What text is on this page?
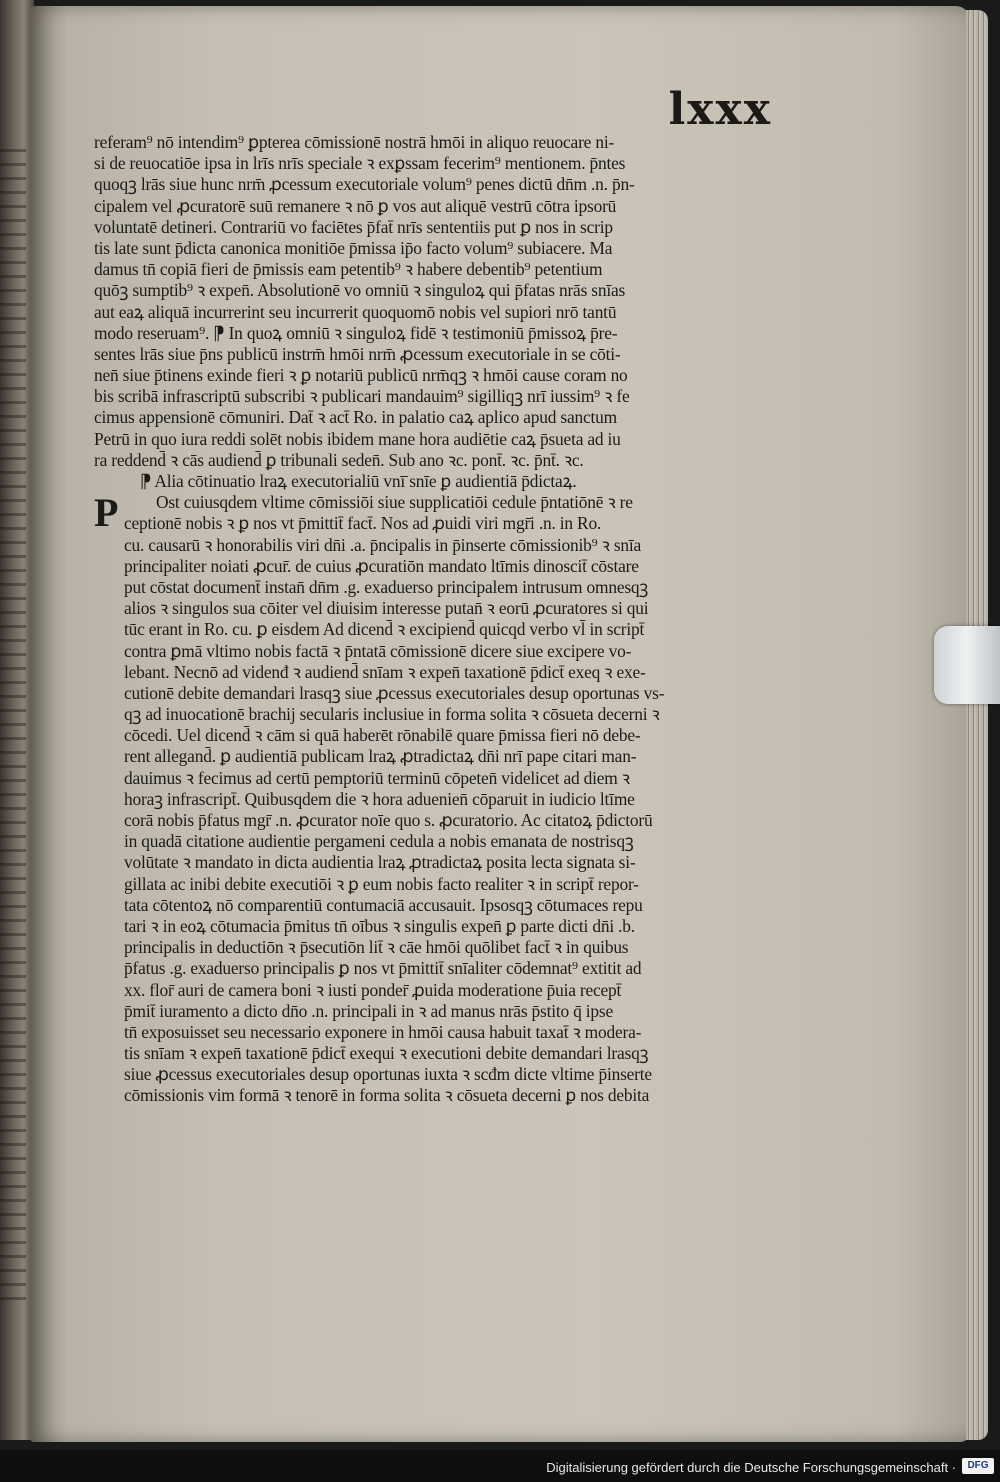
lxxx
referam⁹ nō intendim⁹ ꝑpterea cōmissionē nostrā hmōi in aliquo reuocare ni-
si de reuocatiōe ipsa in lrīs nrīs speciale ꝛ exꝑssam fecerim⁹ mentionem. p̄ntes
quoqꝫ lrās siue hunc nrm̄ ꝓcessum executoriale volum⁹ penes dictū dn̄m .n. p̄n-
cipalem vel ꝓcuratorē suū remanere ꝛ nō ꝑ vos aut aliquē vestrū cōtra ipsorū
voluntatē detineri. Contrariū vo faciētes p̄fat̄ nrīs sententiis put ꝑ nos in scrip
tis late sunt p̄dicta canonica monitiōe p̄missa ip̄o facto volum⁹ subiacere. Ma
damus tn̄ copiā fieri de p̄missis eam petentib⁹ ꝛ habere debentib⁹ petentium
quōꝫ sumptib⁹ ꝛ expen̄. Absolutionē vo omniū ꝛ singuloꝝ qui p̄fatas nrās snīas
aut eaꝝ aliquā incurrerint seu incurrerit quoquomō nobis vel supiori nrō tantū
modo reseruam⁹. ⁋ In quoꝝ omniū ꝛ singuloꝝ fidē ꝛ testimoniū p̄missoꝝ p̄re-
sentes lrās siue p̄ns publicū instrm̄ hmōi nrm̄ ꝓcessum executoriale in se cōti-
nen̄ siue p̄tinens exinde fieri ꝛ ꝑ notariū publicū nrm̄qꝫ ꝛ hmōi cause coram no
bis scribā infrascriptū subscribi ꝛ publicari mandauim⁹ sigilliqꝫ nrī iussim⁹ ꝛ fe
cimus appensionē cōmuniri. Dat̄ ꝛ act̄ Ro. in palatio caꝝ aplico apud sanctum
Petrū in quo iura reddi solēt nobis ibidem mane hora audiētie caꝝ p̄sueta ad iu
ra reddend̄ ꝛ cās audiend̄ ꝑ tribunali seden̄. Sub ano ꝛc. pont̄. ꝛc. p̄nt̄. ꝛc.
⁋ Alia cōtinuatio lraꝝ executorialiū vnī̄ snīe ꝑ audientiā p̄dictaꝝ.
P	Ost cuiusqdem vltime cōmissiōi siue supplicatiōi cedule p̄ntatiōnē ꝛ re
ceptionē nobis ꝛ ꝑ nos vt p̄mittit̄ fact̄. Nos ad ꝓuidi viri mgr̄i .n. in Ro.
cu. causarū ꝛ honorabilis viri dn̄i .a. p̄ncipalis in p̄inserte cōmissionib⁹ ꝛ snīa
principaliter noiati ꝓcur̄. de cuius ꝓcuratiōn mandato ltīmis dinoscit̄ cōstare
put cōstat document̄ instan̄ dn̄m .g. exaduerso principalem intrusum omnesqꝫ
alios ꝛ singulos sua cōiter vel diuisim interesse putan̄ ꝛ eorū ꝓcuratores si qui
tūc erant in Ro. cu. ꝑ eisdem Ad dicend̄ ꝛ excipiend̄ quicqd verbo vl̄ in script̄
contra ꝑmā vltimo nobis factā ꝛ p̄ntatā cōmissionē dicere siue excipere vo-
lebant. Necnō ad videnđ ꝛ audiend̄ snīam ꝛ expen̄ taxationē p̄dict̄ exeq ꝛ exe-
cutionē debite demandari lrasqꝫ siue ꝓcessus executoriales desup oportunas vs-
qꝫ ad inuocationē brachij secularis inclusiue in forma solita ꝛ cōsueta decerni ꝛ
cōcedi. Uel dicend̄ ꝛ cām si quā haberēt rōnabilē quare p̄missa fieri nō debe-
rent allegand̄. ꝑ audientiā publicam lraꝝ ꝓtradictaꝝ dn̄i nrī pape citari man-
dauimus ꝛ fecimus ad certū pemptoriū terminū cōpeten̄ videlicet ad diem ꝛ
horaꝫ infrascript̄. Quibusqdem die ꝛ hora aduenien̄ cōparuit in iudicio ltīme
corā nobis p̄fatus mgr̄ .n. ꝓcurator noīe quo s. ꝓcuratorio. Ac citatoꝝ p̄dictorū
in quadā citatione audientie pergameni cedula a nobis emanata de nostrisqꝫ
volūtate ꝛ mandato in dicta audientia lraꝝ ꝓtradictaꝝ posita lecta signata si-
gillata ac inibi debite executiōi ꝛ ꝑ eum nobis facto realiter ꝛ in script̄ repor-
tata cōtentoꝝ nō comparentiū contumaciā accusauit. Ipsosqꝫ cōtumaces repu
tari ꝛ in eoꝝ cōtumacia p̄mitus tn̄ oībus ꝛ singulis expen̄ ꝑ parte dicti dn̄i .b.
principalis in deductiōn ꝛ p̄secutiōn lit̄ ꝛ cāe hmōi quōlibet fact̄ ꝛ in quibus
p̄fatus .g. exaduerso principalis ꝑ nos vt p̄mittit̄ snīaliter cōdemnat⁹ extitit ad
xx. flor̄ auri de camera boni ꝛ iusti ponder̄ ꝓuida moderatione p̄uia recept̄
p̄mit̄ iuramento a dicto dn̄o .n. principali in ꝛ ad manus nrās p̄stito q̄ ipse
tn̄ exposuisset seu necessario exponere in hmōi causa habuit taxat̄ ꝛ modera-
tis snīam ꝛ expen̄ taxationē p̄dict̄ exequi ꝛ executioni debite demandari lrasqꝫ
siue ꝓcessus executoriales desup oportunas iuxta ꝛ scđm dicte vltime p̄inserte
cōmissionis vim formā ꝛ tenorē in forma solita ꝛ cōsueta decerni ꝑ nos debita
Digitalisierung gefördert durch die Deutsche Forschungsgemeinschaft ·	DFG
